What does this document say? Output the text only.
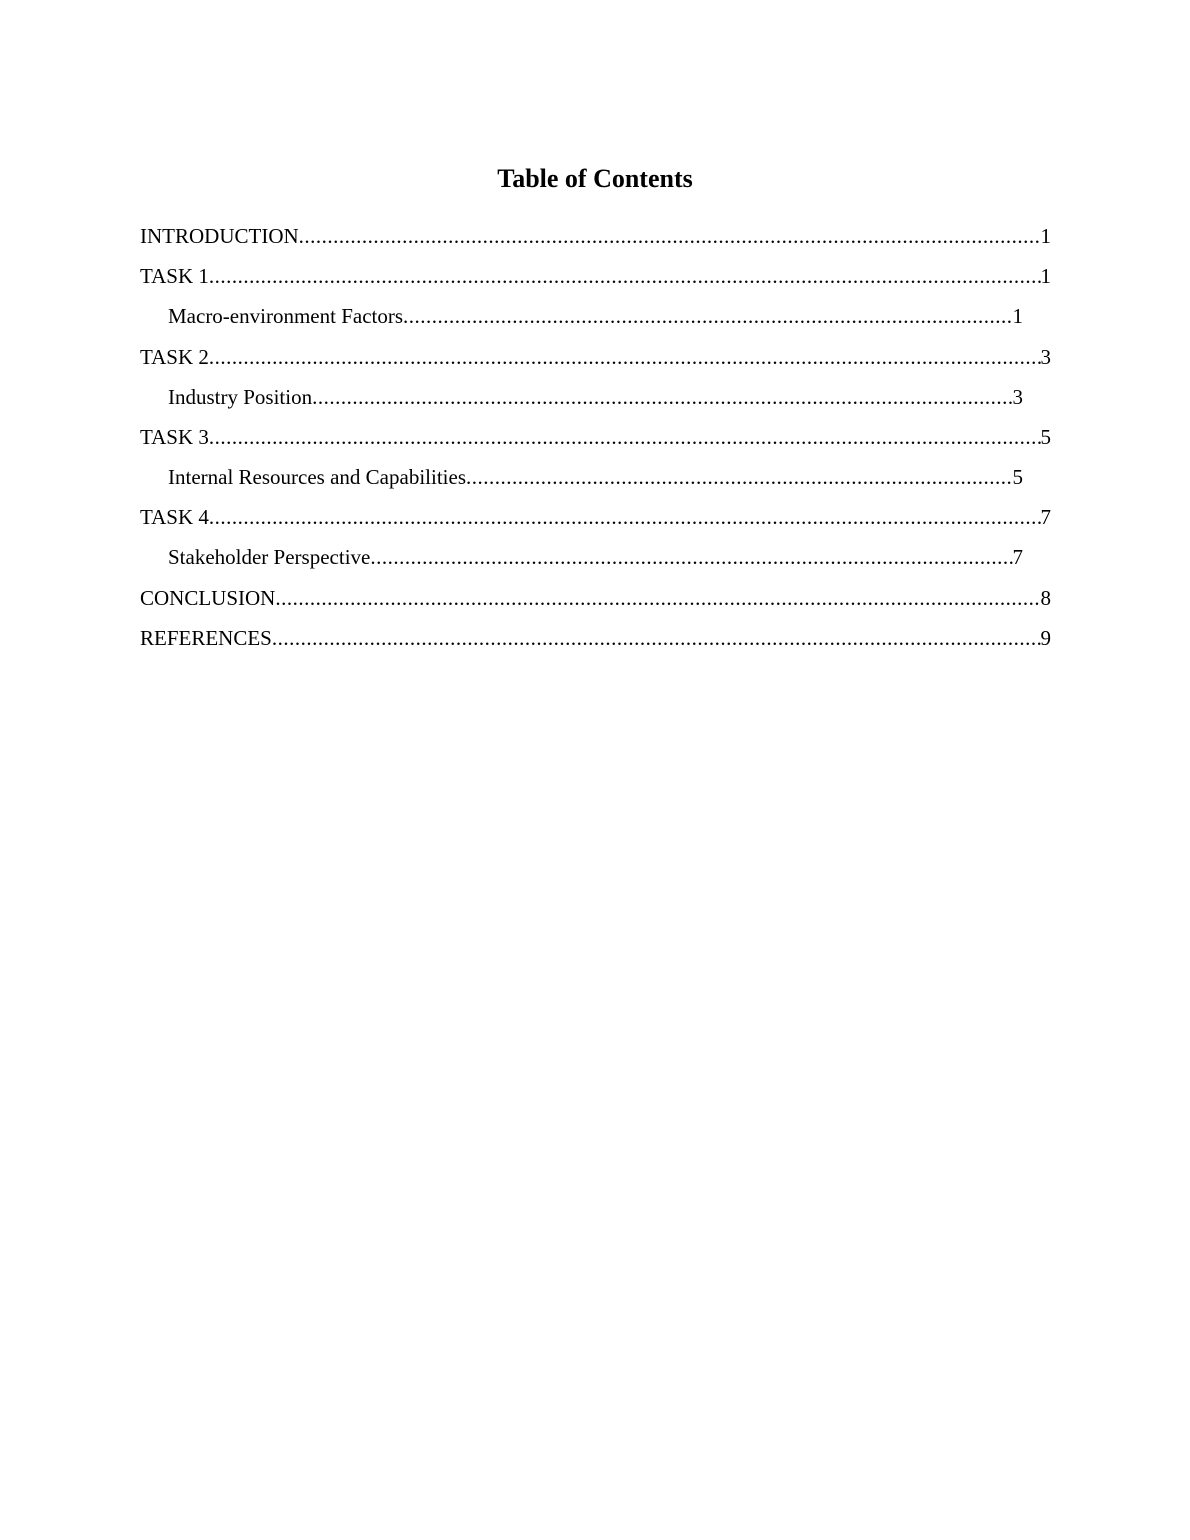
Table of Contents
INTRODUCTION .....	1
TASK 1 .....	1
Macro-environment Factors .....	1
TASK 2 .....	3
Industry Position .....	3
TASK 3 .....	5
Internal Resources and Capabilities .....	5
TASK 4 .....	7
Stakeholder Perspective .....	7
CONCLUSION .....	8
REFERENCES .....	9
